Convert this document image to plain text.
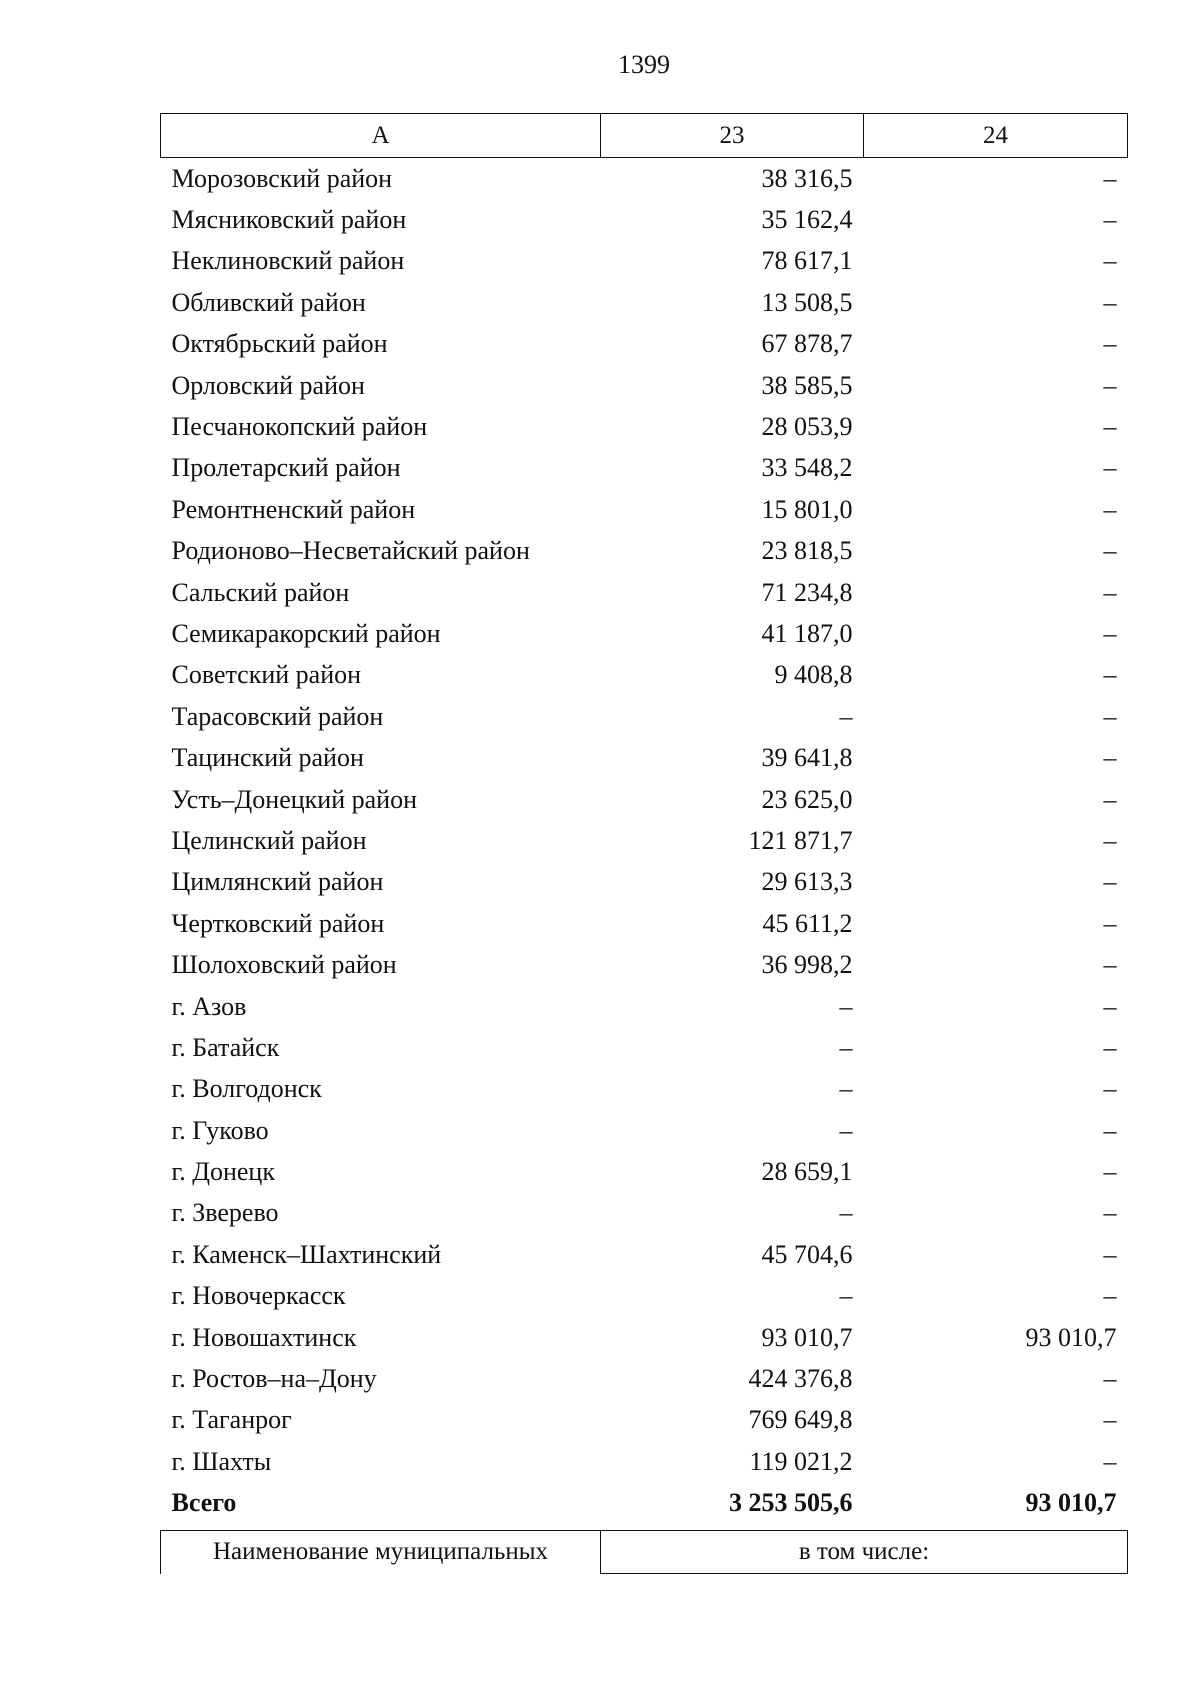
1399
А	23	24
Морозовский район	38 316,5	–
Мясниковский район	35 162,4	–
Неклиновский район	78 617,1	–
Обливский район	13 508,5	–
Октябрьский район	67 878,7	–
Орловский район	38 585,5	–
Песчанокопский район	28 053,9	–
Пролетарский район	33 548,2	–
Ремонтненский район	15 801,0	–
Родионово–Несветайский район	23 818,5	–
Сальский район	71 234,8	–
Семикаракорский район	41 187,0	–
Советский район	9 408,8	–
Тарасовский район	–	–
Тацинский район	39 641,8	–
Усть–Донецкий район	23 625,0	–
Целинский район	121 871,7	–
Цимлянский район	29 613,3	–
Чертковский район	45 611,2	–
Шолоховский район	36 998,2	–
г. Азов	–	–
г. Батайск	–	–
г. Волгодонск	–	–
г. Гуково	–	–
г. Донецк	28 659,1	–
г. Зверево	–	–
г. Каменск–Шахтинский	45 704,6	–
г. Новочеркасск	–	–
г. Новошахтинск	93 010,7	93 010,7
г. Ростов–на–Дону	424 376,8	–
г. Таганрог	769 649,8	–
г. Шахты	119 021,2	–
Всего	3 253 505,6	93 010,7
Наименование муниципальных	в том числе:
